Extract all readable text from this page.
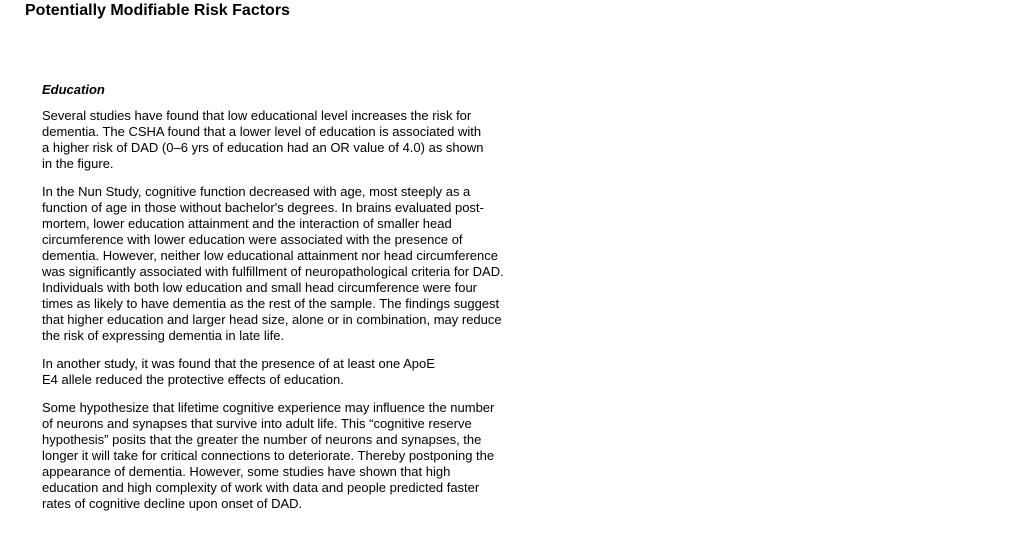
Potentially Modifiable Risk Factors
Education

Several studies have found that low educational level increases the risk for
dementia. The CSHA found that a lower level of education is associated with
a higher risk of DAD (0–6 yrs of education had an OR value of 4.0) as shown
in the figure.

In the Nun Study, cognitive function decreased with age, most steeply as a
function of age in those without bachelor's degrees. In brains evaluated post-
mortem, lower education attainment and the interaction of smaller head
circumference with lower education were associated with the presence of
dementia. However, neither low educational attainment nor head circumference
was significantly associated with fulfillment of neuropathological criteria for DAD.
Individuals with both low education and small head circumference were four
times as likely to have dementia as the rest of the sample. The findings suggest
that higher education and larger head size, alone or in combination, may reduce
the risk of expressing dementia in late life.

In another study, it was found that the presence of at least one ApoE
E4 allele reduced the protective effects of education.

Some hypothesize that lifetime cognitive experience may influence the number
of neurons and synapses that survive into adult life. This “cognitive reserve
hypothesis” posits that the greater the number of neurons and synapses, the
longer it will take for critical connections to deteriorate. Thereby postponing the
appearance of dementia. However, some studies have shown that high
education and high complexity of work with data and people predicted faster
rates of cognitive decline upon onset of DAD.
